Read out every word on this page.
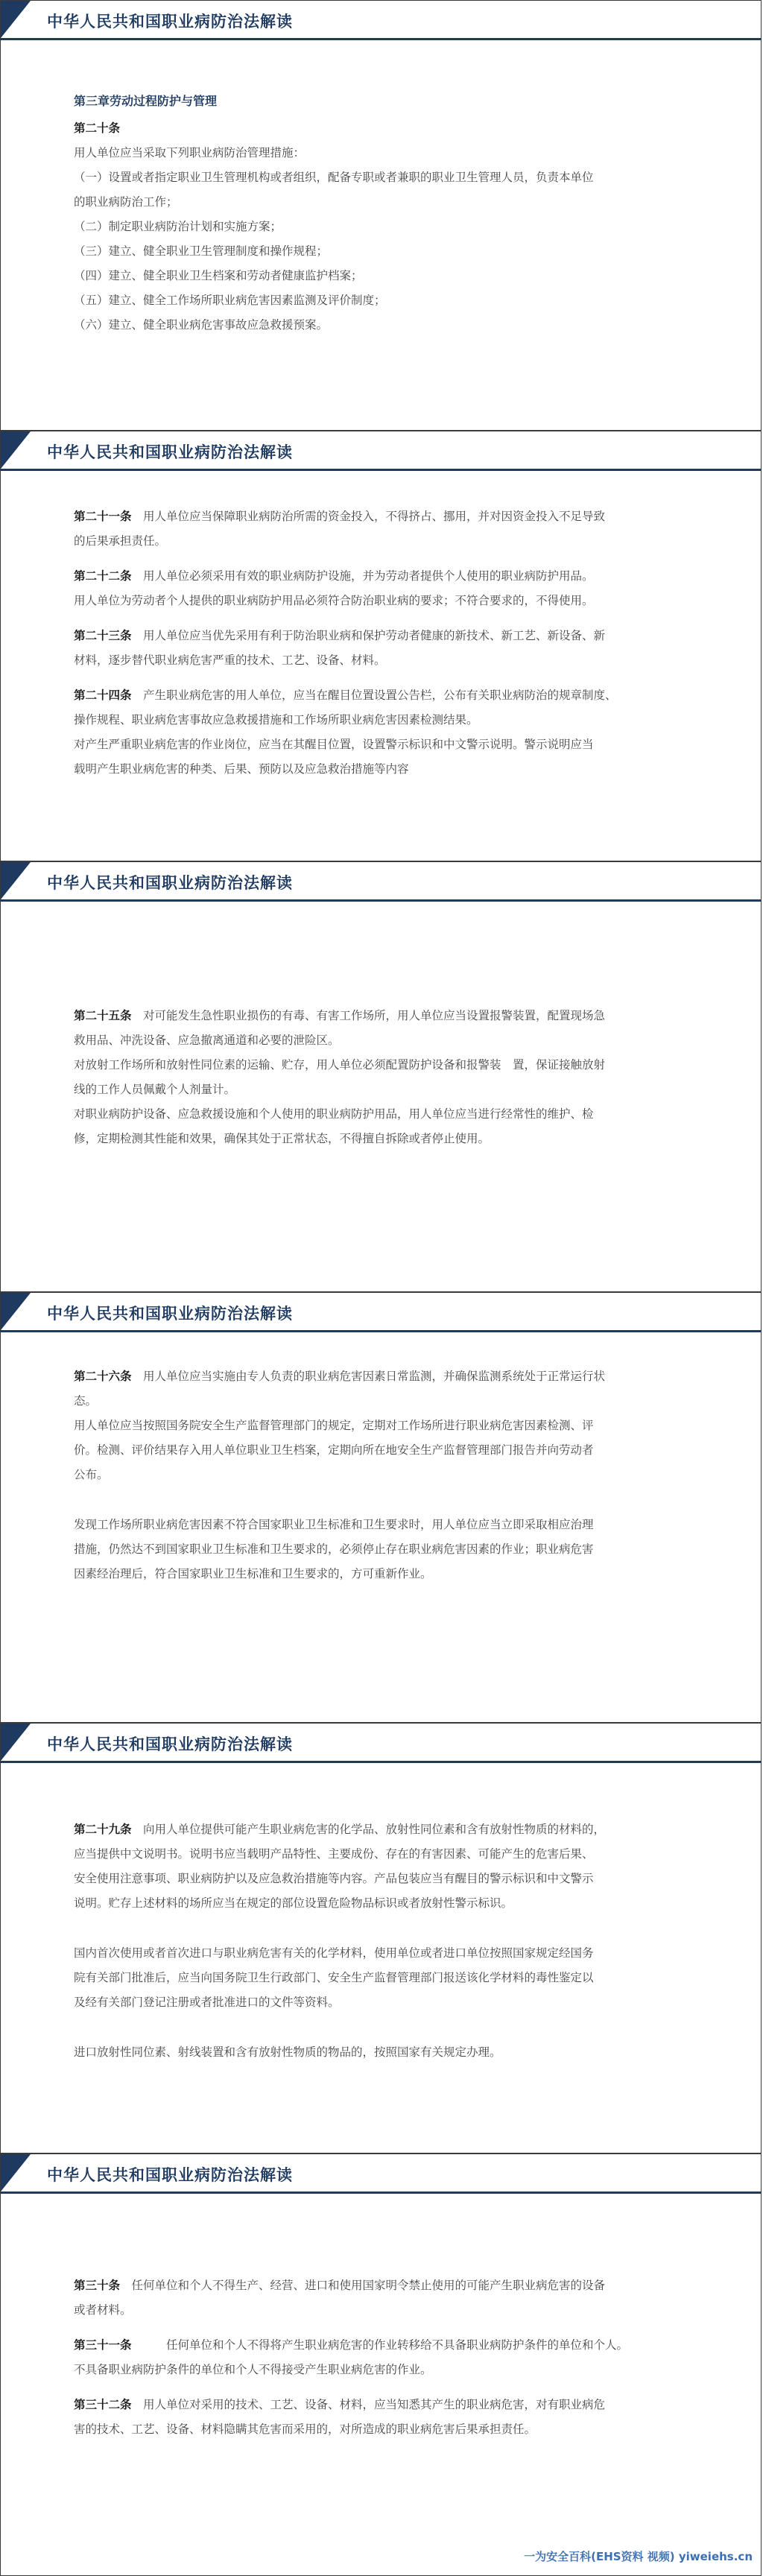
中华人民共和国职业病防治法解读
第三章劳动过程防护与管理

第二十条

用人单位应当采取下列职业病防治管理措施：

（一）设置或者指定职业卫生管理机构或者组织，配备专职或者兼职的职业卫生管理人员，负责本单位

的职业病防治工作；

（二）制定职业病防治计划和实施方案；

（三）建立、健全职业卫生管理制度和操作规程；

（四）建立、健全职业卫生档案和劳动者健康监护档案；

（五）建立、健全工作场所职业病危害因素监测及评价制度；

（六）建立、健全职业病危害事故应急救援预案。

中华人民共和国职业病防治法解读

第二十一条　 用人单位应当保障职业病防治所需的资金投入，不得挤占、挪用，并对因资金投入不足导致

的后果承担责任。

第二十二条　 用人单位必须采用有效的职业病防护设施，并为劳动者提供个人使用的职业病防护用品。

用人单位为劳动者个人提供的职业病防护用品必须符合防治职业病的要求；不符合要求的，不得使用。

第二十三条　 用人单位应当优先采用有利于防治职业病和保护劳动者健康的新技术、新工艺、新设备、新

材料，逐步替代职业病危害严重的技术、工艺、设备、材料。

第二十四条　 产生职业病危害的用人单位，应当在醒目位置设置公告栏，公布有关职业病防治的规章制度、

操作规程、职业病危害事故应急救援措施和工作场所职业病危害因素检测结果。

对产生严重职业病危害的作业岗位，应当在其醒目位置，设置警示标识和中文警示说明。警示说明应当

载明产生职业病危害的种类、后果、预防以及应急救治措施等内容

中华人民共和国职业病防治法解读

第二十五条　 对可能发生急性职业损伤的有毒、有害工作场所，用人单位应当设置报警装置，配置现场急

救用品、冲洗设备、应急撤离通道和必要的泄险区。

对放射工作场所和放射性同位素的运输、贮存，用人单位必须配置防护设备和报警装　置，保证接触放射

线的工作人员佩戴个人剂量计。

对职业病防护设备、应急救援设施和个人使用的职业病防护用品，用人单位应当进行经常性的维护、检

修，定期检测其性能和效果，确保其处于正常状态，不得擅自拆除或者停止使用。

中华人民共和国职业病防治法解读

第二十六条　 用人单位应当实施由专人负责的职业病危害因素日常监测，并确保监测系统处于正常运行状

态。

用人单位应当按照国务院安全生产监督管理部门的规定，定期对工作场所进行职业病危害因素检测、评

价。检测、评价结果存入用人单位职业卫生档案，定期向所在地安全生产监督管理部门报告并向劳动者

公布。

发现工作场所职业病危害因素不符合国家职业卫生标准和卫生要求时，用人单位应当立即采取相应治理

措施，仍然达不到国家职业卫生标准和卫生要求的，必须停止存在职业病危害因素的作业；职业病危害

因素经治理后，符合国家职业卫生标准和卫生要求的，方可重新作业。

中华人民共和国职业病防治法解读

第二十九条　 向用人单位提供可能产生职业病危害的化学品、放射性同位素和含有放射性物质的材料的，

应当提供中文说明书。说明书应当载明产品特性、主要成份、存在的有害因素、可能产生的危害后果、

安全使用注意事项、职业病防护以及应急救治措施等内容。产品包装应当有醒目的警示标识和中文警示

说明。贮存上述材料的场所应当在规定的部位设置危险物品标识或者放射性警示标识。

国内首次使用或者首次进口与职业病危害有关的化学材料，使用单位或者进口单位按照国家规定经国务

院有关部门批准后，应当向国务院卫生行政部门、安全生产监督管理部门报送该化学材料的毒性鉴定以

及经有关部门登记注册或者批准进口的文件等资料。

进口放射性同位素、射线装置和含有放射性物质的物品的，按照国家有关规定办理。

中华人民共和国职业病防治法解读

第三十条　 任何单位和个人不得生产、经营、进口和使用国家明令禁止使用的可能产生职业病危害的设备

或者材料。

第三十一条　　　	任何单位和个人不得将产生职业病危害的作业转移给不具备职业病防护条件的单位和个人。

不具备职业病防护条件的单位和个人不得接受产生职业病危害的作业。

第三十二条　 用人单位对采用的技术、工艺、设备、材料，应当知悉其产生的职业病危害，对有职业病危

害的技术、工艺、设备、材料隐瞒其危害而采用的，对所造成的职业病危害后果承担责任。

一为安全百科(EHS资料 视频) yiweiehs.cn
